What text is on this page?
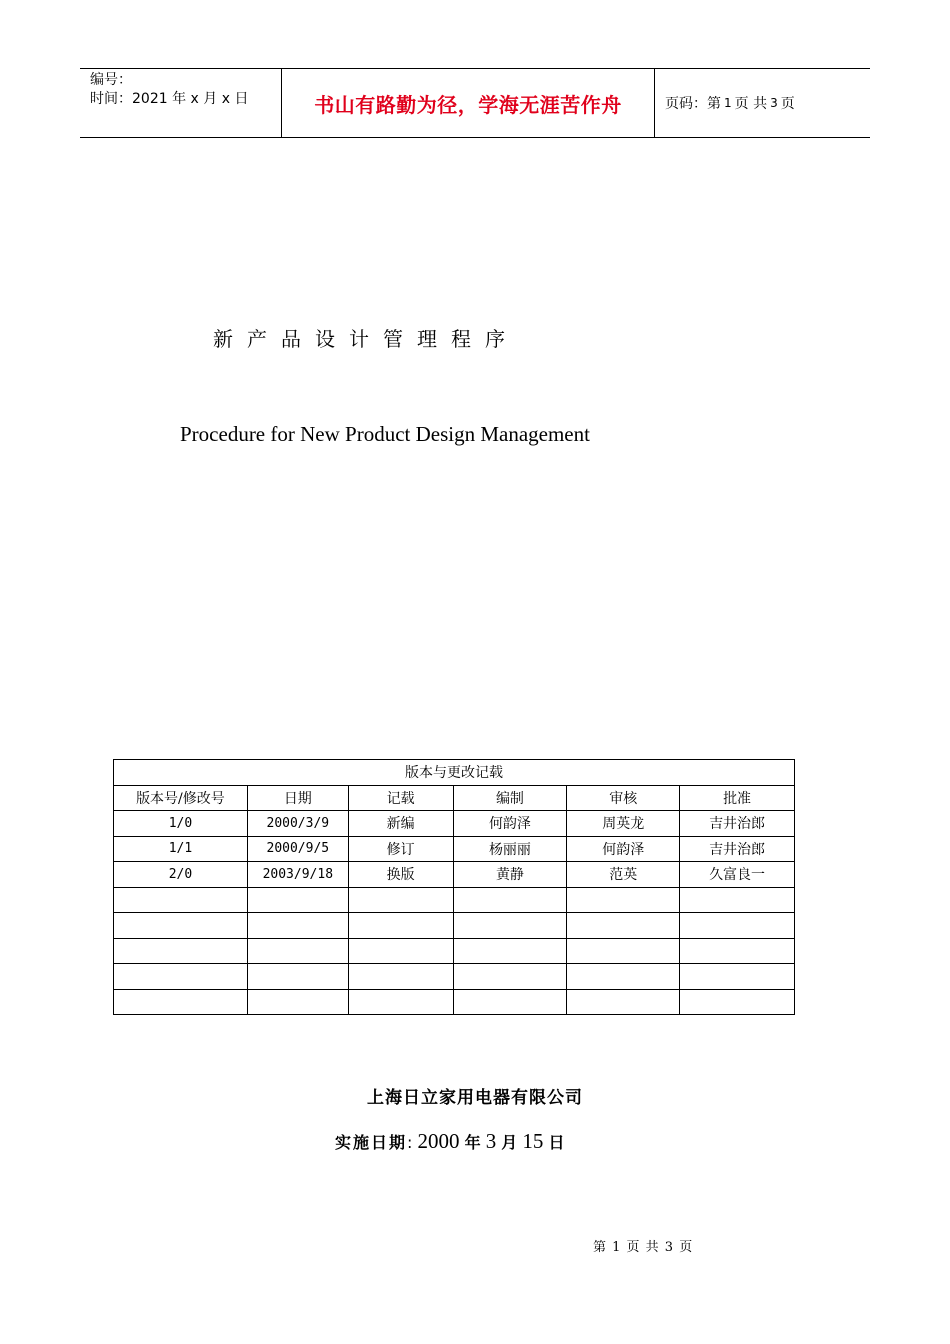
编号：
时间：2021 年 x 月 x 日	书山有路勤为径，学海无涯苦作舟	页码：第 1 页 共 3 页
新产品设计管理程序
Procedure for New Product Design Management
版本与更改记载					
版本号/修改号	日期	记载	编制	审核	批准
1/0	2000/3/9	新编	何韵泽	周英龙	吉井治郎
1/1	2000/9/5	修订	杨丽丽	何韵泽	吉井治郎
2/0	2003/9/18	换版	黄静	范英	久富良一

上海日立家用电器有限公司
实施日期: 2000 年 3 月 15 日
第 1 页 共 3 页
